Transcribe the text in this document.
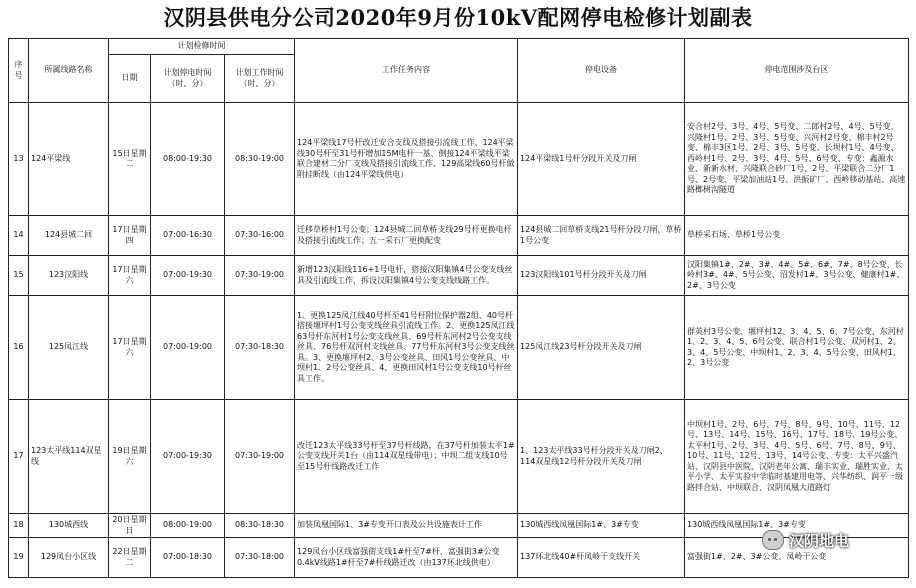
汉阴县供电分公司2020年9月份10kV配网停电检修计划副表
序号	所属线路名称	计划检修时间			工作任务内容	停电设备	停电范围涉及台区
		日期	计划停电时间（时、分）	计划工作时间（时、分）			
13	124平梁线	15日星期二	08:00-19:30	08:30-19:00	124平梁线17号杆改迁安合支线及搭接引流线工作、124平梁线30号杆至31号杆增加15M电杆一基、倒接124平梁线平梁联合建材二分厂支线及搭接引流线工作、129高梁线60号杆做附挂断线（由124平梁线供电）	124平梁线1号杆分段开关及刀闸	安合村2号、3号、4号、5号变、二郎村2号、4号、5号变、兴隆村1号、2号、3号、5号变、兴河村2号变、棉丰村2号变、棉丰3区1号、2号、3号、5号变、长坝村1号、4号变、西岭村1号、2号、3号、4号、5号、6号变、专变：鑫源水业、新新水材、兴隆联合砂厂1号、2号、平梁联合二分厂1号、2号变、平梁加油站1号、洪振矿厂、西岭移动基站、高速路榔树沟隧道
14	124县城二回	17日星期四	07:00-16:30	07:30-16:00	迁移草桥村1号公变；124县城二回草桥支线29号杆更换电杆及搭接引流线工作；五一采石厂更换配变	124县城二回草桥支线21号杆分段刀闸，草桥1号公变	草桥采石场、草桥1号公变
15	123汉阳线	17日星期六	07:00-19:30	07:30-19:00	新增123汉阳线116+1号电杆，搭接汉阳集镇4号公变支线丝具及引流线工作，拆设汉阳集镇4号公变支线线路工作。	123汉阳线101号杆分段开关及刀闸	汉阳集镇1#、2#、3#、4#、5#、6#、7#、8号公变、长岭村3#、4#、5号公变、沼发村1#、3号公变、健康村1#、2#、3号公变
16	125凤江线	17日星期六	07:00-19:00	07:30-18:30	1、更换125凤江线40号杆至41号杆附位保护器2组、40号杆搭接堰坪村1号公变支线丝具引流线工作。2、更换125凤江线63号杆东河村1号公变支线丝具、69号杆东河村2号公变支线丝具、76号杆双河村支线丝具、77号杆东河村3号公变支线丝具。3、更换堰坪村2、3号公变丝具、田风1号公变丝具、中坝村1、2号公变丝具、4、更换田风村1号公变支线10号杆丝具工作。	125凤江线23号杆分段开关及刀闸	群英村3号公变、堰坪村12、3、4、5、6、7号公变、东河村1、2、3、4、5、6号公变、联合村1号公变、双河村1、2、3、4、5号公变、中坝村1、2、3、4、5号公变、田风村1、2、3号公变
17	123太平线114双星线	19日星期六	07:00-19:30	07:30-19:00	改迁123太平线33号杆至37号杆线路，在37号杆加装太平1#公变支线开关1台（由114双星线带电）；中坝二组支线10号至15号杆线路改迁工作	1、123太平线33号杆分段开关及刀闸2、114双星线12号杆分段开关及刀闸	中坝村1号、2号、6号、7号、8号、9号、10号、11号、12号、13号、14号、15号、16号、17号、18号、19号公变、太平村1号、2号、3号、4号、5号、6号、7号、8号、9号、10号、11号、12号、13号、14号公变、专变：太平兴盛汽站、汉阴县中医院、汉阴老年公寓、瑞丰实业、瑞胜实业、太平小学、太平实验中学临时基建用电等、兴华纺织、润平一级路拌合站、中坝联合、汉阴凤凰大道路灯
18	130城西线	20日星期日	08:00-19:00	08:30-18:30	加装凤凰国际1、3#专变开口表及公共设施表计工作	130城西线凤凰国际1#、3#专变	130城西线凤凰国际1#、3#专变
19	129凤台小区线	22日星期二	07:00-18:30	07:30-18:00	129凤台小区线富强街支线1#杆至7#杆、富强街3#公变0.4kV线路1#杆至7#杆线路迁改（由137环北线供电）	137环北线40#杆凤岭干支线开关	富强街1#、2#、3#公变、凤岭干公变
汉阴地电
